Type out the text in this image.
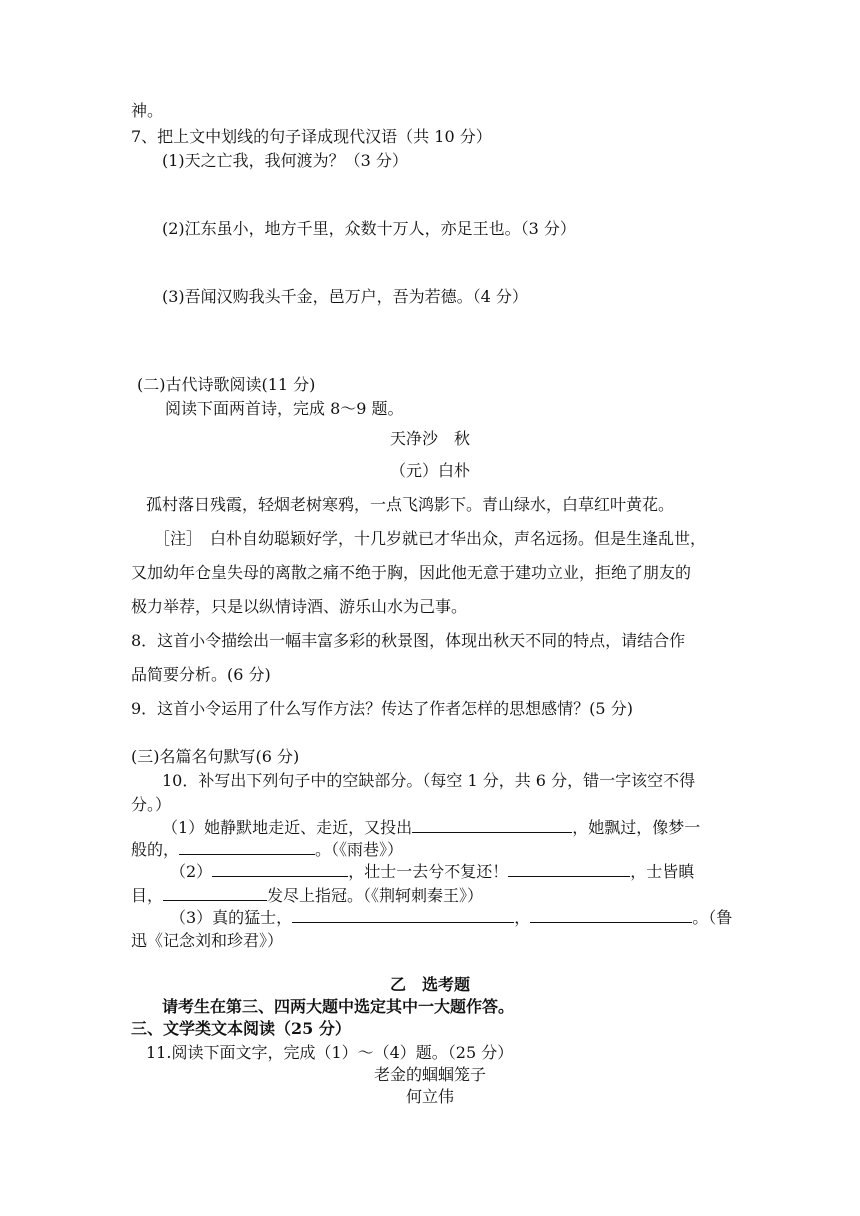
神。
7、把上文中划线的句子译成现代汉语（共 10 分）
(1)天之亡我，我何渡为？（3 分）
(2)江东虽小，地方千里，众数十万人，亦足王也。（3 分）
(3)吾闻汉购我头千金，邑万户，吾为若德。（4 分）
(二)古代诗歌阅读(11 分)
阅读下面两首诗，完成 8～9 题。
天净沙　秋
（元）白朴
孤村落日残霞，轻烟老树寒鸦，一点飞鸿影下。青山绿水，白草红叶黄花。
［注］　白朴自幼聪颖好学，十几岁就已才华出众，声名远扬。但是生逢乱世，
又加幼年仓皇失母的离散之痛不绝于胸，因此他无意于建功立业，拒绝了朋友的
极力举荐，只是以纵情诗酒、游乐山水为己事。
8．这首小令描绘出一幅丰富多彩的秋景图，体现出秋天不同的特点，请结合作
品简要分析。(6 分)
9．这首小令运用了什么写作方法？传达了作者怎样的思想感情？(5 分)
(三)名篇名句默写(6 分)
10．补写出下列句子中的空缺部分。（每空 1 分，共 6 分，错一字该空不得
分。）
（1）她静默地走近、走近，又投出	，她飘过，像梦一
般的，	。（《雨巷》）
（2）	，壮士一去兮不复还！	，士皆瞋
目，	发尽上指冠。（《荆轲刺秦王》）
（3）真的猛士，	，	。（鲁
迅《记念刘和珍君》）
乙　选考题
请考生在第三、四两大题中选定其中一大题作答。
三、文学类文本阅读（25 分）
11.阅读下面文字，完成（1）～（4）题。（25 分）
老金的蝈蝈笼子
何立伟
